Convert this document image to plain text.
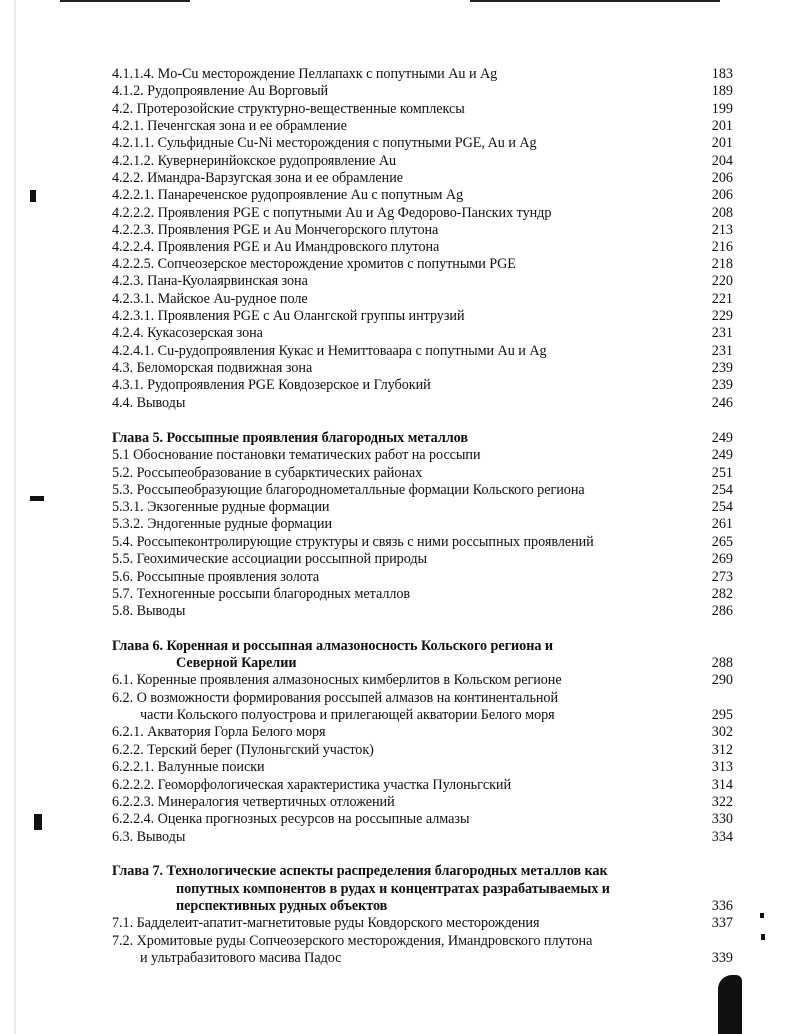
4.1.1.4. Mo-Cu месторождение Пеллапахк с попутными Au и Ag	183
4.1.2. Рудопроявление Au Ворговый	189
4.2. Протерозойские структурно-вещественные комплексы	199
4.2.1. Печенгская зона и ее обрамление	201
4.2.1.1. Сульфидные Cu-Ni месторождения с попутными PGE, Au и Ag	201
4.2.1.2. Кувернеринйокское рудопроявление Au	204
4.2.2. Имандра-Варзугская зона и ее обрамление	206
4.2.2.1. Панареченское рудопроявление Au с попутным Ag	206
4.2.2.2. Проявления PGE с попутными Au и Ag Федорово-Панских тундр	208
4.2.2.3. Проявления PGE и Au Мончегорского плутона	213
4.2.2.4. Проявления PGE и Au Имандровского плутона	216
4.2.2.5. Сопчеозерское месторождение хромитов с попутными PGE	218
4.2.3. Пана-Куолаярвинская зона	220
4.2.3.1. Майское Au-рудное поле	221
4.2.3.1. Проявления PGE с Au Олангской группы интрузий	229
4.2.4. Кукасозерская зона	231
4.2.4.1. Cu-рудопроявления Кукас и Немиттоваара с попутными Au и Ag	231
4.3. Беломорская подвижная зона	239
4.3.1. Рудопроявления PGE Ковдозерское и Глубокий	239
4.4. Выводы	246
Глава 5. Россыпные проявления благородных металлов	249
5.1 Обоснование постановки тематических работ на россыпи	249
5.2. Россыпеобразование в субарктических районах	251
5.3. Россыпеобразующие благороднометалльные формации Кольского региона	254
5.3.1. Экзогенные рудные формации	254
5.3.2. Эндогенные рудные формации	261
5.4. Россыпеконтролирующие структуры и связь с ними россыпных проявлений	265
5.5. Геохимические ассоциации россыпной природы	269
5.6. Россыпные проявления золота	273
5.7. Техногенные россыпи благородных металлов	282
5.8. Выводы	286
Глава 6. Коренная и россыпная алмазоносность Кольского региона и
Северной Карелии	288
6.1. Коренные проявления алмазоносных кимберлитов в Кольском регионе	290
6.2. О возможности формирования россыпей алмазов на континентальной
части Кольского полуострова и прилегающей акватории Белого моря	295
6.2.1. Акватория Горла Белого моря	302
6.2.2. Терский берег (Пулоньгский участок)	312
6.2.2.1. Валунные поиски	313
6.2.2.2. Геоморфологическая характеристика участка Пулоньгский	314
6.2.2.3. Минералогия четвертичных отложений	322
6.2.2.4. Оценка прогнозных ресурсов на россыпные алмазы	330
6.3. Выводы	334
Глава 7. Технологические аспекты распределения благородных металлов как
попутных компонентов в рудах и концентратах разрабатываемых и
перспективных рудных объектов	336
7.1. Бадделеит-апатит-магнетитовые руды Ковдорского месторождения	337
7.2. Хромитовые руды Сопчеозерского месторождения, Имандровского плутона
и ультрабазитового масива Падос	339
